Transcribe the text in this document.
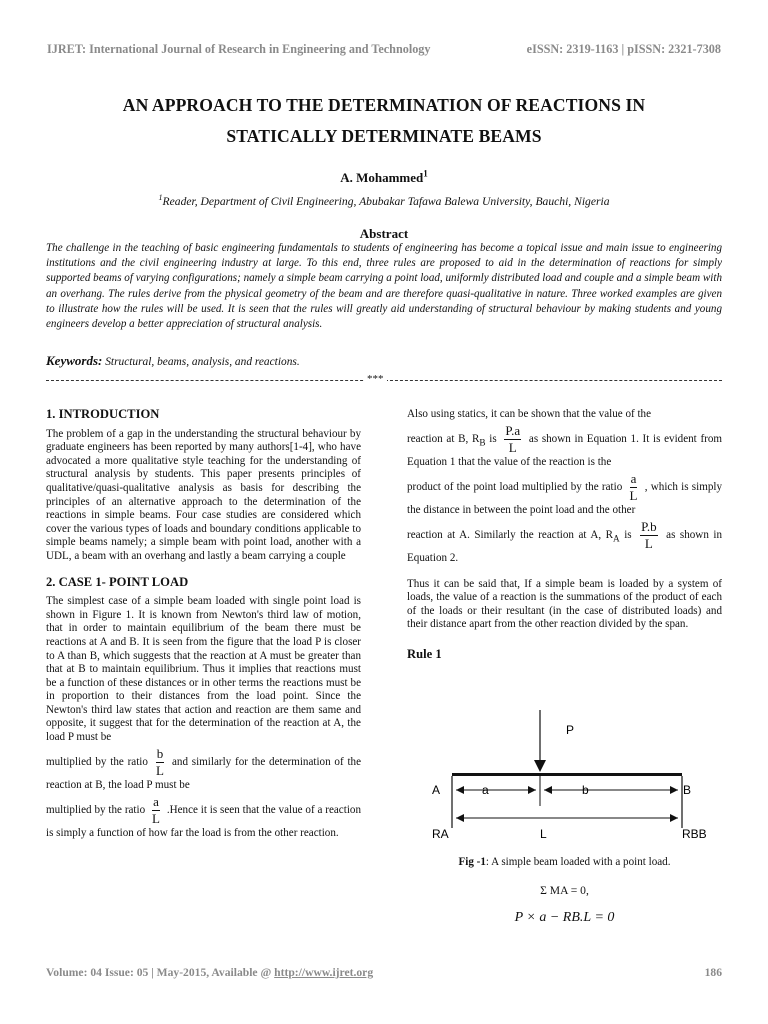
IJRET: International Journal of Research in Engineering and Technology	eISSN: 2319-1163 | pISSN: 2321-7308
AN APPROACH TO THE DETERMINATION OF REACTIONS IN
STATICALLY DETERMINATE BEAMS
A. Mohammed$^1$
$^1$Reader, Department of Civil Engineering, Abubakar Tafawa Balewa University, Bauchi, Nigeria
Abstract
The challenge in the teaching of basic engineering fundamentals to students of engineering has become a topical issue and main issue to engineering institutions and the civil engineering industry at large. To this end, three rules are proposed to aid in the determination of reactions for simply supported beams of varying configurations; namely a simple beam carrying a point load, uniformly distributed load and couple and a simple beam with an overhang. The rules derive from the physical geometry of the beam and are therefore quasi-qualitative in nature. Three worked examples are given to illustrate how the rules will be used. It is seen that the rules will greatly aid understanding of structural behaviour by making students and young engineers develop a better appreciation of structural analysis.
Keywords: Structural, beams, analysis, and reactions.
***

1. INTRODUCTION

The problem of a gap in the understanding the structural behaviour by graduate engineers has been reported by many authors[1-4], who have advocated a more qualitative style teaching for the understanding of structural analysis by students. This paper presents principles of qualitative/quasi-qualitative analysis as basis for describing the principles of an alternative approach to the determination of the reactions in simple beams. Four case studies are considered which cover the various types of loads and boundary conditions applicable to simple beams namely; a simple beam with point load, another with a UDL, a beam with an overhang and lastly a beam carrying a couple

2. CASE 1- POINT LOAD

The simplest case of a simple beam loaded with single point load is shown in Figure 1. It is known from Newton's third law of motion, that in order to maintain equilibrium of the beam there must be reactions at A and B. It is seen from the figure that the load P is closer to A than B, which suggests that the reaction at A must be greater than that at B to maintain equilibrium. Thus it implies that reactions must be a function of these distances or in other terms the reactions must be in proportion to their distances from the load point. Since the Newton's third law states that action and reaction are them same and opposite, it suggest that for the determination of the reaction at A, the load P must be

multiplied by the ratio $\frac{b}{L}$ and similarly for the determination of the reaction at B, the load P must be

multiplied by the ratio $\frac{a}{L}$ .Hence it is seen that the value of a reaction is simply a function of how far the load is from the other reaction.

Also using statics, it can be shown that the value of the

reaction at B, $R_B$ is $\frac{P.a}{L}$ as shown in Equation 1. It is evident from Equation 1 that the value of the reaction is the

product of the point load multiplied by the ratio $\frac{a}{L}$ , which is simply the distance in between the point load and the other

reaction at A. Similarly the reaction at A, $R_A$ is $\frac{P.b}{L}$ as shown in Equation 2.

Thus it can be said that, If a simple beam is loaded by a system of loads, the value of a reaction is the summations of the product of each of the loads or their resultant (in the case of distributed loads) and their distance apart from the other reaction divided by the span.

Rule 1

P
A	B
a	b
L
RA	RBB
Fig -1: A simple beam loaded with a point load.
Σ MA = 0,
P × a − RB.L = 0
Volume: 04 Issue: 05 | May-2015, Available @ http://www.ijret.org	186
